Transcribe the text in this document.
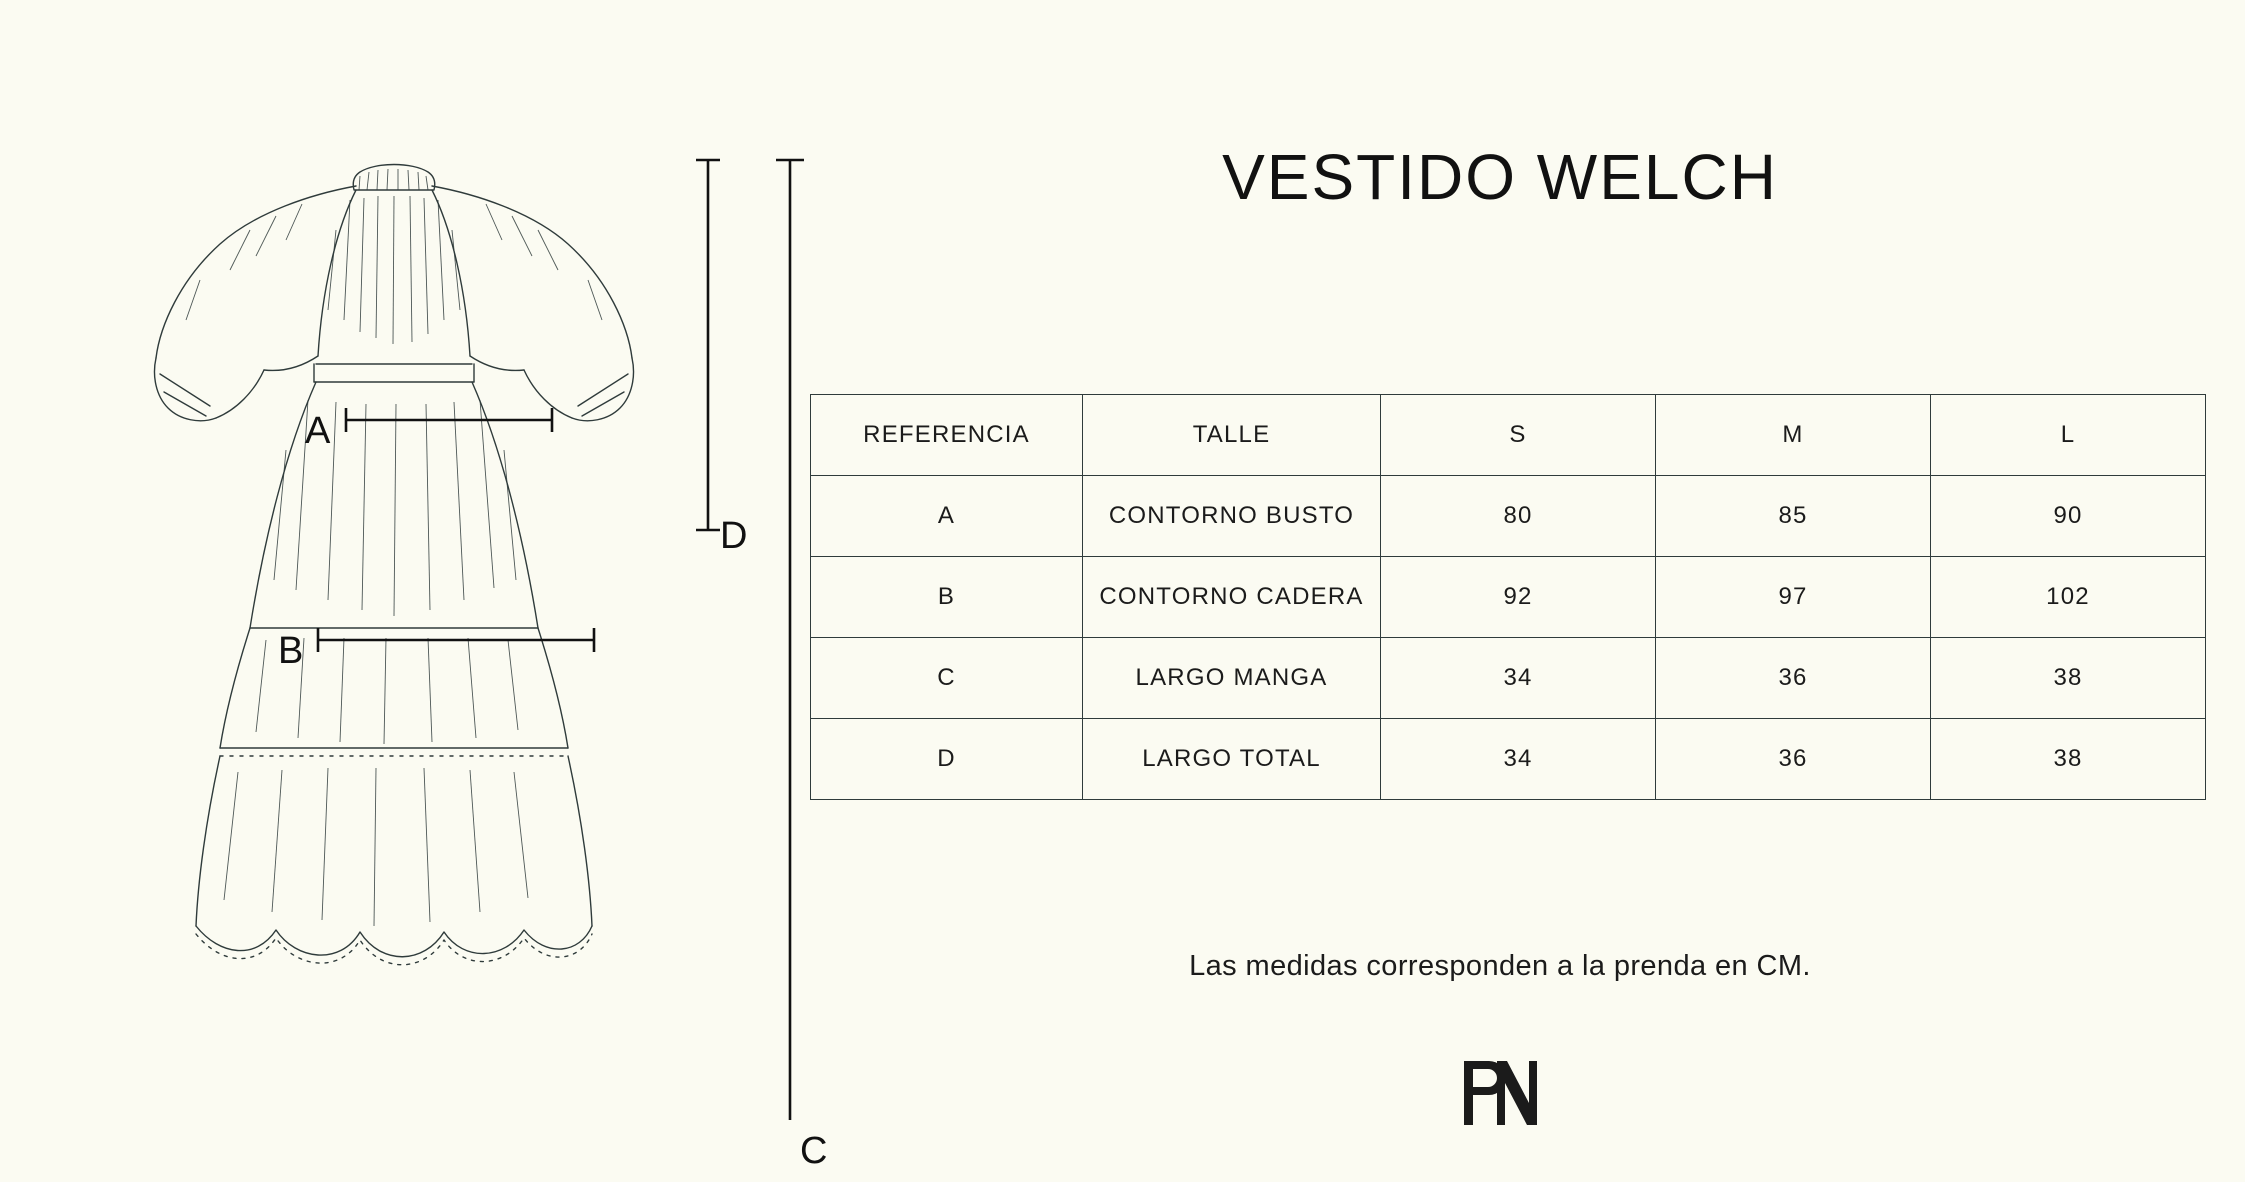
A
B
C
D
VESTIDO WELCH
REFERENCIA	TALLE	S	M	L
A	CONTORNO BUSTO	80	85	90
B	CONTORNO CADERA	92	97	102
C	LARGO MANGA	34	36	38
D	LARGO TOTAL	34	36	38
Las medidas corresponden a la prenda en CM.
